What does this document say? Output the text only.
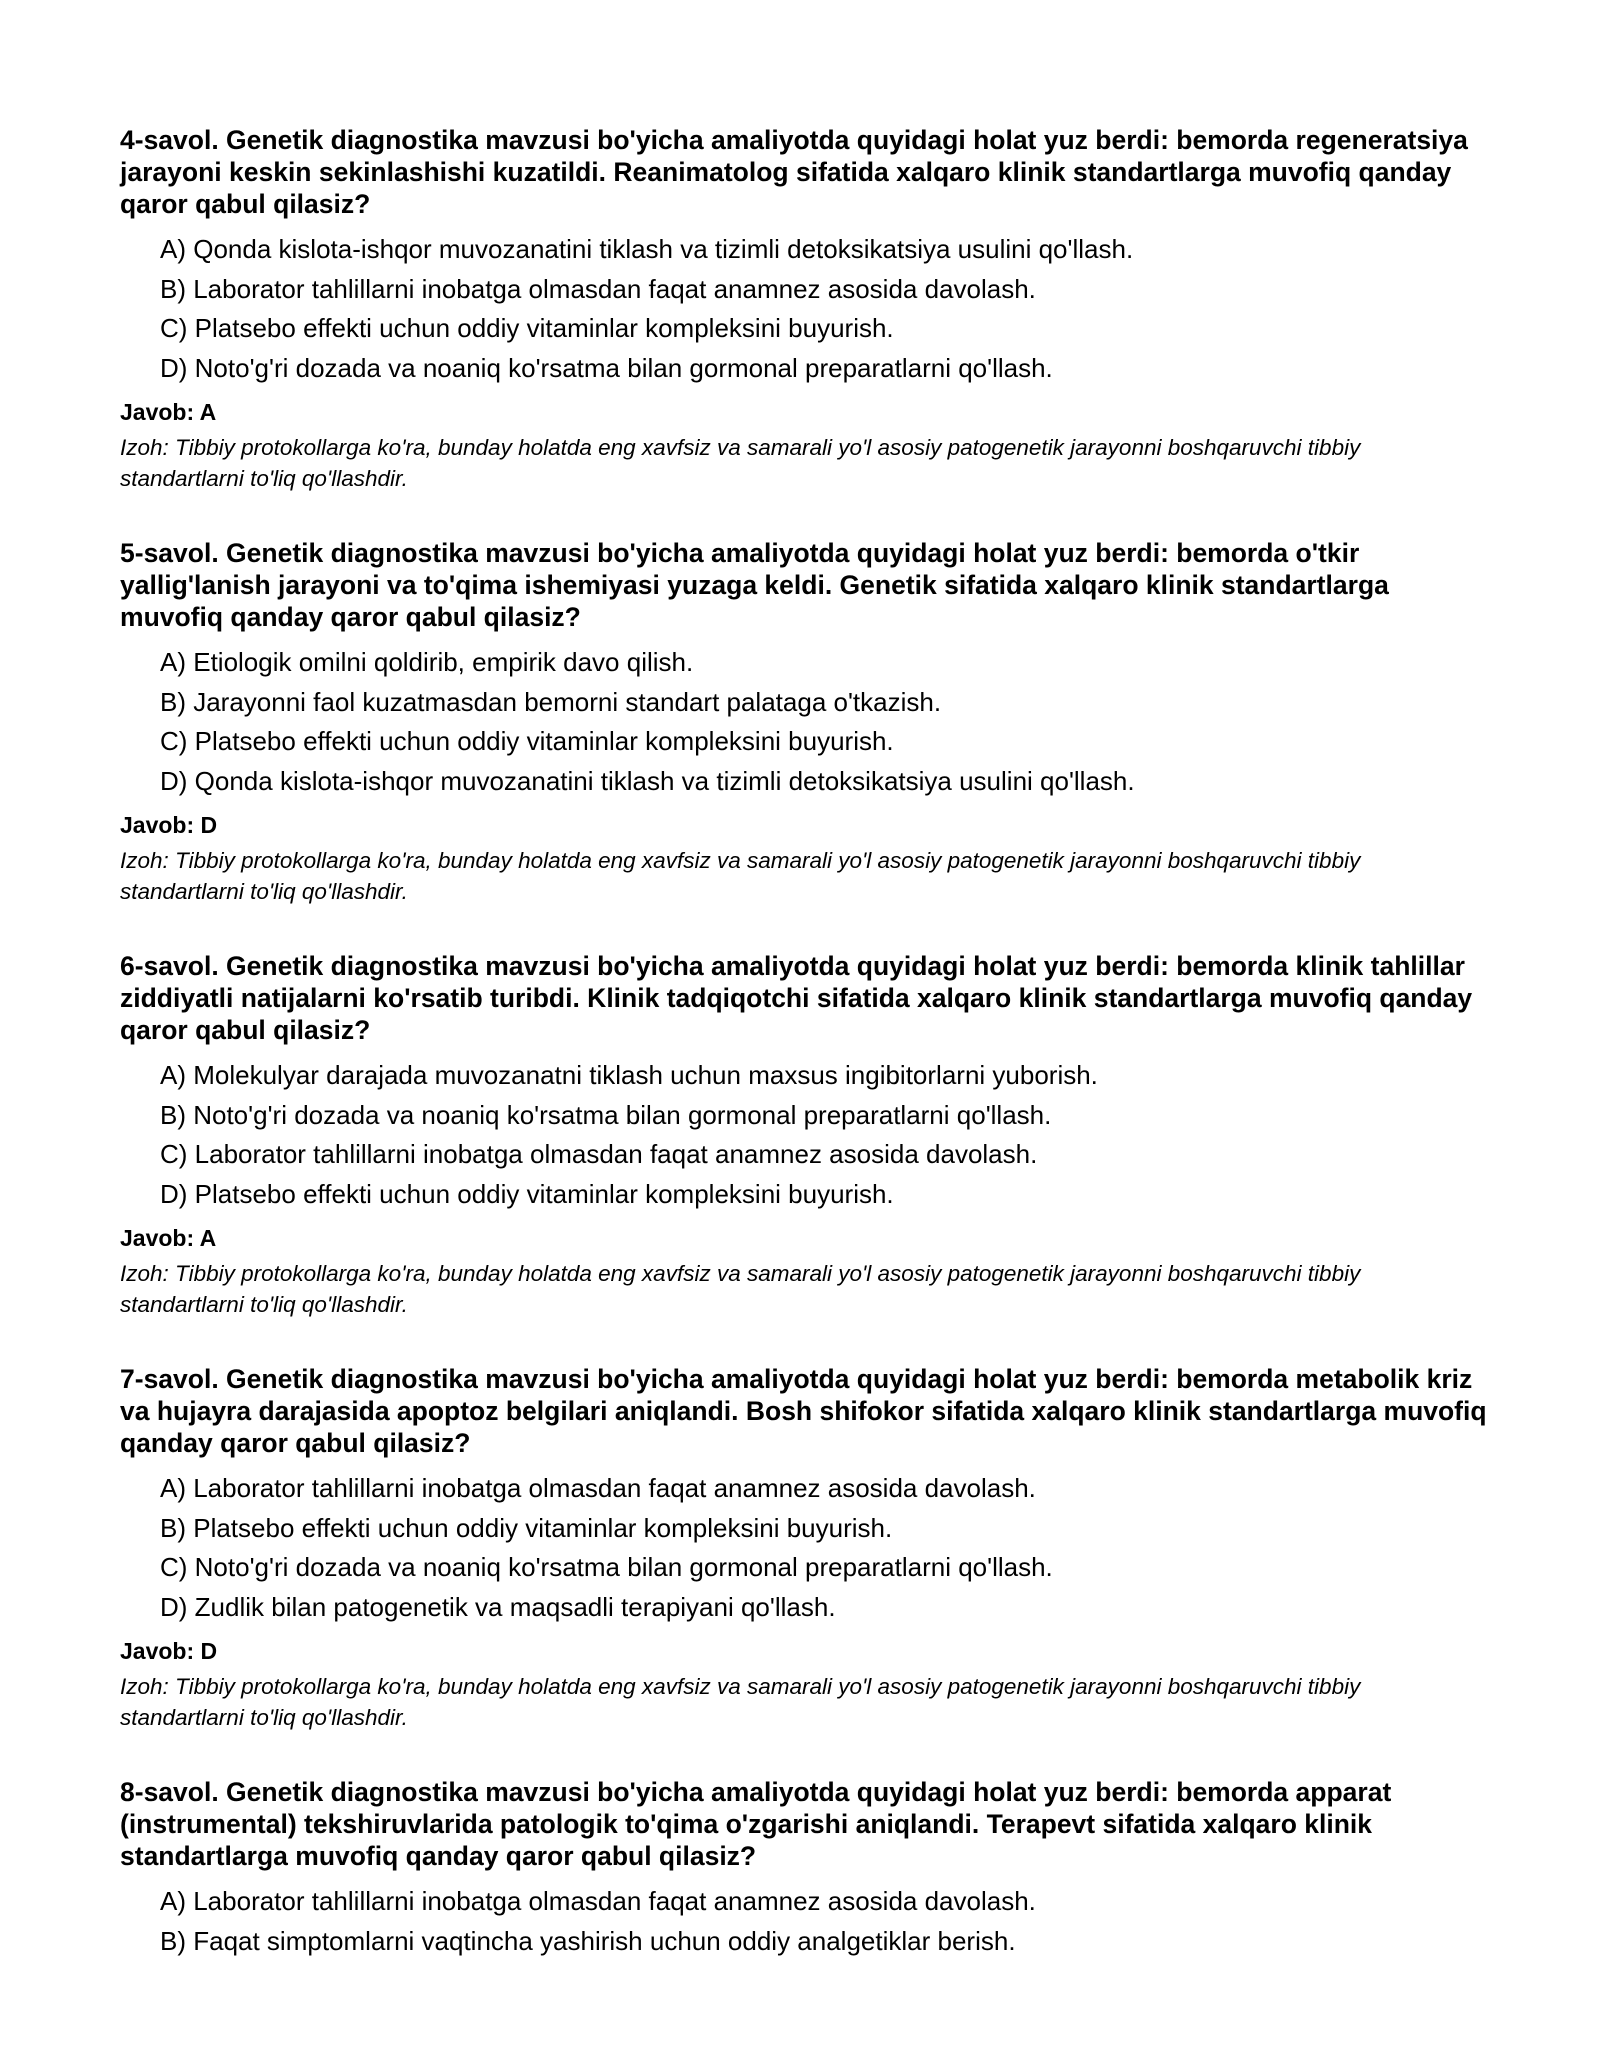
4-savol. Genetik diagnostika mavzusi bo'yicha amaliyotda quyidagi holat yuz berdi: bemorda regeneratsiya jarayoni keskin sekinlashishi kuzatildi. Reanimatolog sifatida xalqaro klinik standartlarga muvofiq qanday qaror qabul qilasiz?

A) Qonda kislota-ishqor muvozanatini tiklash va tizimli detoksikatsiya usulini qo'llash.
B) Laborator tahlillarni inobatga olmasdan faqat anamnez asosida davolash.
C) Platsebo effekti uchun oddiy vitaminlar kompleksini buyurish.
D) Noto'g'ri dozada va noaniq ko'rsatma bilan gormonal preparatlarni qo'llash.

Javob: A

Izoh: Tibbiy protokollarga ko'ra, bunday holatda eng xavfsiz va samarali yo'l asosiy patogenetik jarayonni boshqaruvchi tibbiy standartlarni to'liq qo'llashdir.

5-savol. Genetik diagnostika mavzusi bo'yicha amaliyotda quyidagi holat yuz berdi: bemorda o'tkir yallig'lanish jarayoni va to'qima ishemiyasi yuzaga keldi. Genetik sifatida xalqaro klinik standartlarga muvofiq qanday qaror qabul qilasiz?

A) Etiologik omilni qoldirib, empirik davo qilish.
B) Jarayonni faol kuzatmasdan bemorni standart palataga o'tkazish.
C) Platsebo effekti uchun oddiy vitaminlar kompleksini buyurish.
D) Qonda kislota-ishqor muvozanatini tiklash va tizimli detoksikatsiya usulini qo'llash.

Javob: D

Izoh: Tibbiy protokollarga ko'ra, bunday holatda eng xavfsiz va samarali yo'l asosiy patogenetik jarayonni boshqaruvchi tibbiy standartlarni to'liq qo'llashdir.

6-savol. Genetik diagnostika mavzusi bo'yicha amaliyotda quyidagi holat yuz berdi: bemorda klinik tahlillar ziddiyatli natijalarni ko'rsatib turibdi. Klinik tadqiqotchi sifatida xalqaro klinik standartlarga muvofiq qanday qaror qabul qilasiz?

A) Molekulyar darajada muvozanatni tiklash uchun maxsus ingibitorlarni yuborish.
B) Noto'g'ri dozada va noaniq ko'rsatma bilan gormonal preparatlarni qo'llash.
C) Laborator tahlillarni inobatga olmasdan faqat anamnez asosida davolash.
D) Platsebo effekti uchun oddiy vitaminlar kompleksini buyurish.

Javob: A

Izoh: Tibbiy protokollarga ko'ra, bunday holatda eng xavfsiz va samarali yo'l asosiy patogenetik jarayonni boshqaruvchi tibbiy standartlarni to'liq qo'llashdir.

7-savol. Genetik diagnostika mavzusi bo'yicha amaliyotda quyidagi holat yuz berdi: bemorda metabolik kriz va hujayra darajasida apoptoz belgilari aniqlandi. Bosh shifokor sifatida xalqaro klinik standartlarga muvofiq qanday qaror qabul qilasiz?

A) Laborator tahlillarni inobatga olmasdan faqat anamnez asosida davolash.
B) Platsebo effekti uchun oddiy vitaminlar kompleksini buyurish.
C) Noto'g'ri dozada va noaniq ko'rsatma bilan gormonal preparatlarni qo'llash.
D) Zudlik bilan patogenetik va maqsadli terapiyani qo'llash.

Javob: D

Izoh: Tibbiy protokollarga ko'ra, bunday holatda eng xavfsiz va samarali yo'l asosiy patogenetik jarayonni boshqaruvchi tibbiy standartlarni to'liq qo'llashdir.

8-savol. Genetik diagnostika mavzusi bo'yicha amaliyotda quyidagi holat yuz berdi: bemorda apparat (instrumental) tekshiruvlarida patologik to'qima o'zgarishi aniqlandi. Terapevt sifatida xalqaro klinik standartlarga muvofiq qanday qaror qabul qilasiz?

A) Laborator tahlillarni inobatga olmasdan faqat anamnez asosida davolash.
B) Faqat simptomlarni vaqtincha yashirish uchun oddiy analgetiklar berish.
